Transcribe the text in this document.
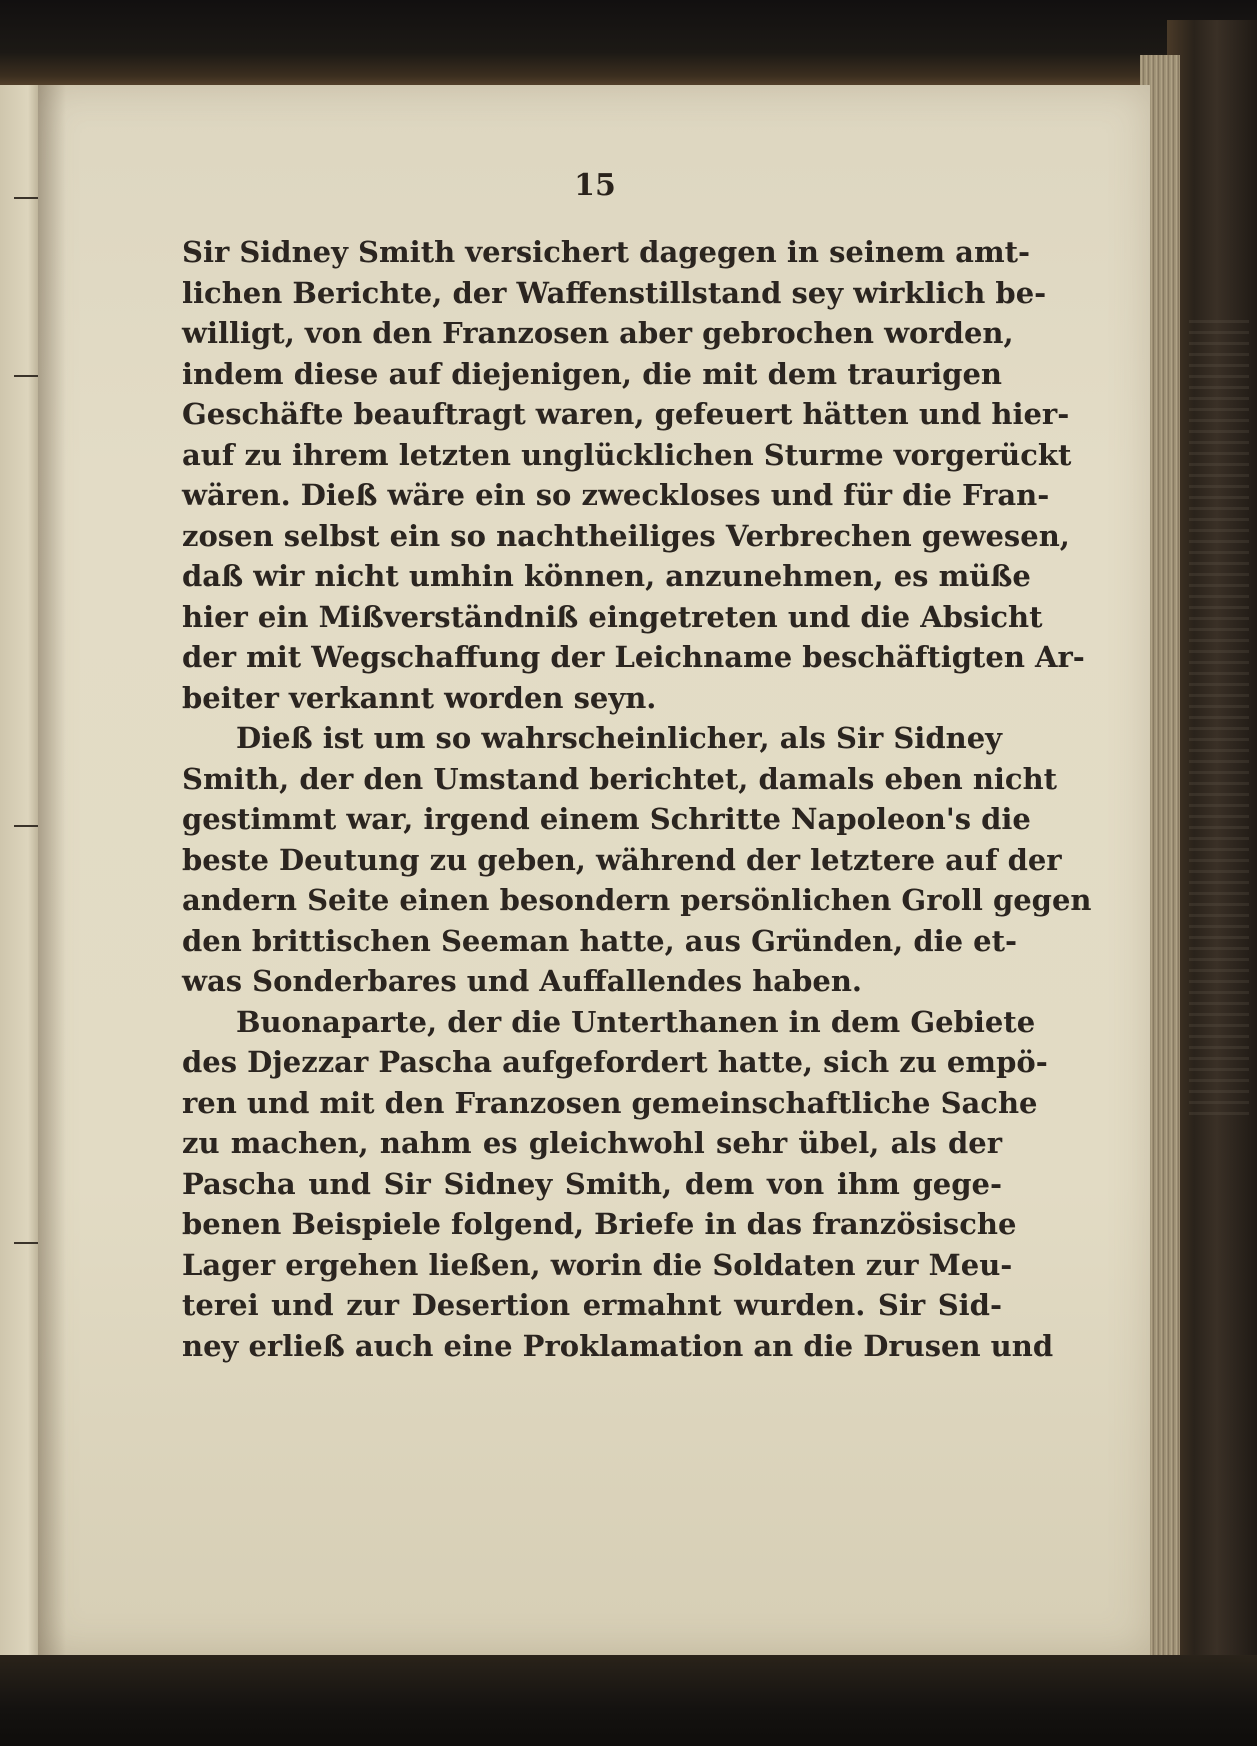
15
Sir Sidney Smith versichert dagegen in seinem amt-
lichen Berichte, der Waffenstillstand sey wirklich be-
willigt, von den Franzosen aber gebrochen worden,
indem diese auf diejenigen, die mit dem traurigen
Geschäfte beauftragt waren, gefeuert hätten und hier-
auf zu ihrem letzten unglücklichen Sturme vorgerückt
wären. Dieß wäre ein so zweckloses und für die Fran-
zosen selbst ein so nachtheiliges Verbrechen gewesen,
daß wir nicht umhin können, anzunehmen, es müße
hier ein Mißverständniß eingetreten und die Absicht
der mit Wegschaffung der Leichname beschäftigten Ar-
beiter verkannt worden seyn.
Dieß ist um so wahrscheinlicher, als Sir Sidney
Smith, der den Umstand berichtet, damals eben nicht
gestimmt war, irgend einem Schritte Napoleon's die
beste Deutung zu geben, während der letztere auf der
andern Seite einen besondern persönlichen Groll gegen
den brittischen Seeman hatte, aus Gründen, die et-
was Sonderbares und Auffallendes haben.
Buonaparte, der die Unterthanen in dem Gebiete
des Djezzar Pascha aufgefordert hatte, sich zu empö-
ren und mit den Franzosen gemeinschaftliche Sache
zu machen, nahm es gleichwohl sehr übel, als der
Pascha und Sir Sidney Smith, dem von ihm gege-
benen Beispiele folgend, Briefe in das französische
Lager ergehen ließen, worin die Soldaten zur Meu-
terei und zur Desertion ermahnt wurden. Sir Sid-
ney erließ auch eine Proklamation an die Drusen und
